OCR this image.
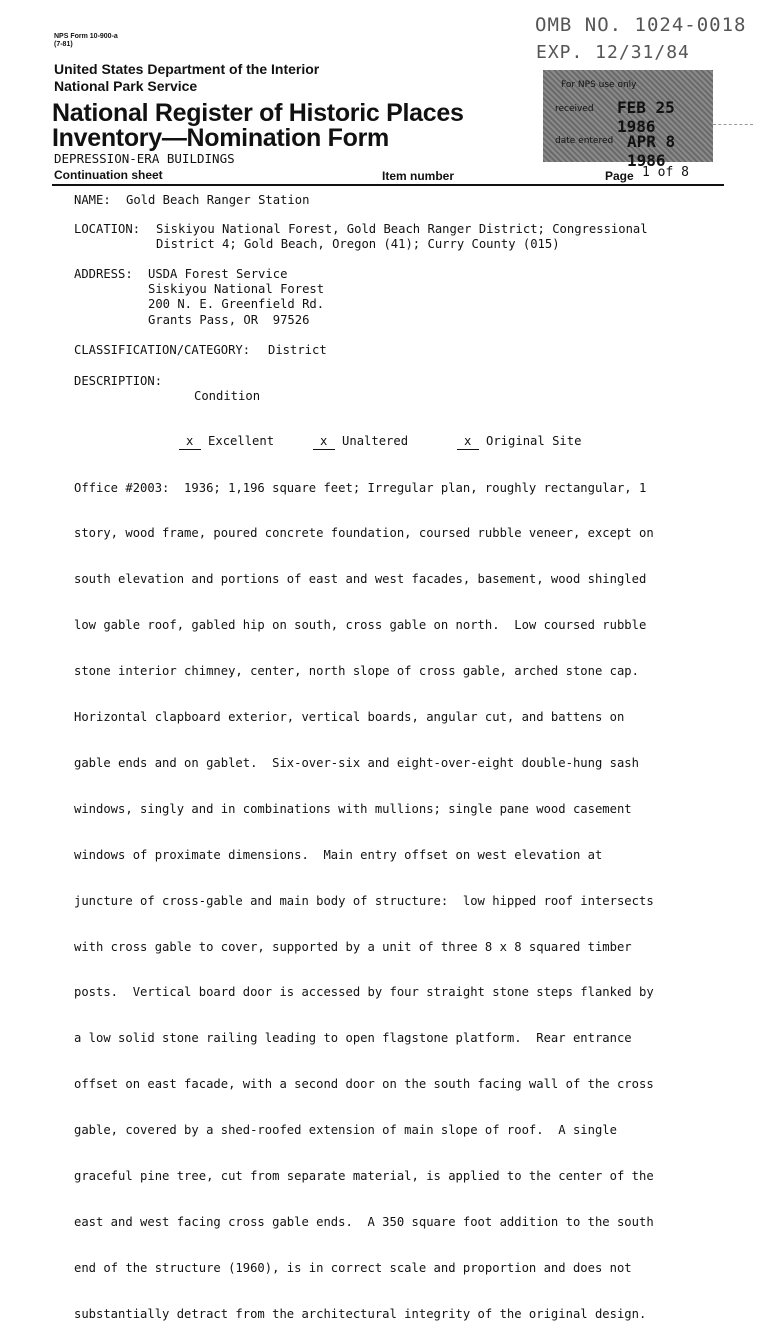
NPS Form 10-900-a
(7-81)
OMB NO. 1024-0018
EXP. 12/31/84
United States Department of the Interior
National Park Service
National Register of Historic Places
Inventory—Nomination Form
DEPRESSION-ERA BUILDINGS
For NPS use only
received FEB 25 1986
date entered APR 8 1986
Continuation sheet	Item number	Page 1 of 8
NAME: Gold Beach Ranger Station
LOCATION: Siskiyou National Forest, Gold Beach Ranger District; Congressional
District 4; Gold Beach, Oregon (41); Curry County (015)
ADDRESS: USDA Forest Service
Siskiyou National Forest
200 N. E. Greenfield Rd.
Grants Pass, OR  97526
CLASSIFICATION/CATEGORY: District
DESCRIPTION:
Condition

x Excellent	x Unaltered	x Original Site

Office #2003:  1936; 1,196 square feet; Irregular plan, roughly rectangular, 1

story, wood frame, poured concrete foundation, coursed rubble veneer, except on

south elevation and portions of east and west facades, basement, wood shingled

low gable roof, gabled hip on south, cross gable on north.  Low coursed rubble

stone interior chimney, center, north slope of cross gable, arched stone cap.

Horizontal clapboard exterior, vertical boards, angular cut, and battens on

gable ends and on gablet.  Six-over-six and eight-over-eight double-hung sash

windows, singly and in combinations with mullions; single pane wood casement

windows of proximate dimensions.  Main entry offset on west elevation at

juncture of cross-gable and main body of structure:  low hipped roof intersects

with cross gable to cover, supported by a unit of three 8 x 8 squared timber

posts.  Vertical board door is accessed by four straight stone steps flanked by

a low solid stone railing leading to open flagstone platform.  Rear entrance

offset on east facade, with a second door on the south facing wall of the cross

gable, covered by a shed-roofed extension of main slope of roof.  A single

graceful pine tree, cut from separate material, is applied to the center of the

east and west facing cross gable ends.  A 350 square foot addition to the south

end of the structure (1960), is in correct scale and proportion and does not

substantially detract from the architectural integrity of the original design.
